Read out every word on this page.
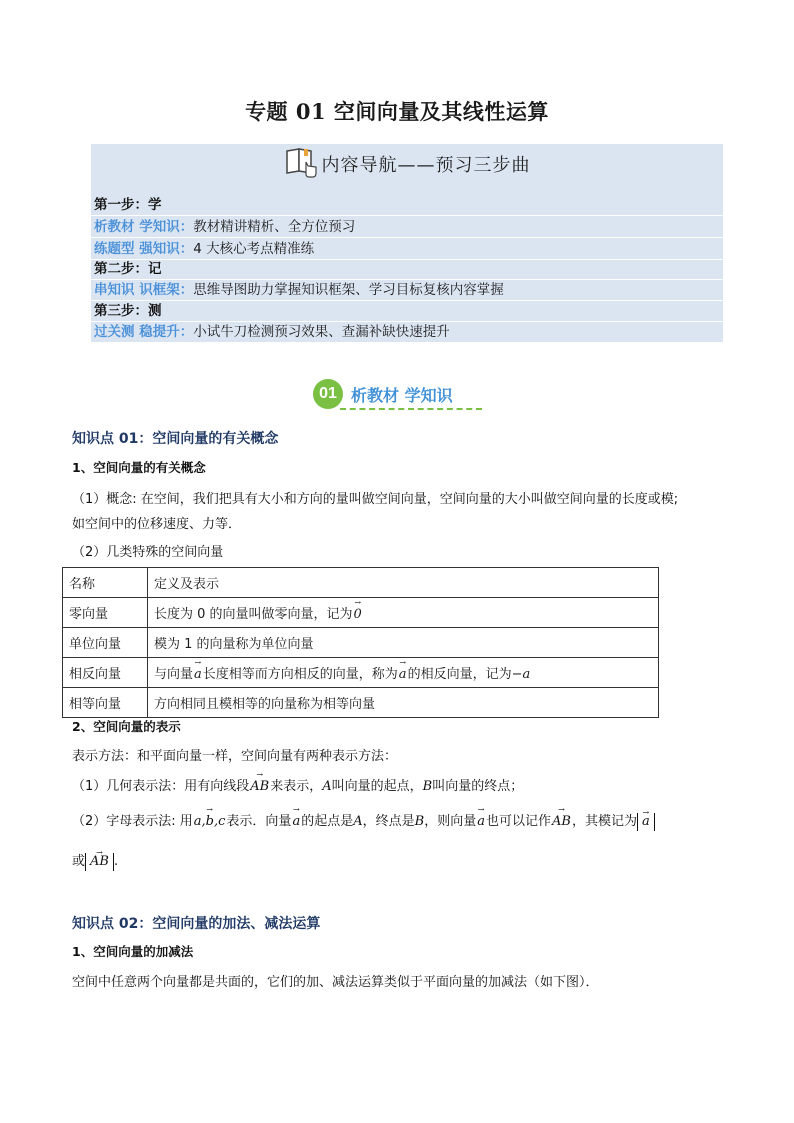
专题 01 空间向量及其线性运算
内容导航——预习三步曲
第一步：学
析教材 学知识：教材精讲精析、全方位预习
练题型 强知识：4 大核心考点精准练
第二步：记
串知识 识框架：思维导图助力掌握知识框架、学习目标复核内容掌握
第三步：测
过关测 稳提升：小试牛刀检测预习效果、查漏补缺快速提升
01 析教材 学知识
知识点 01：空间向量的有关概念
1、空间向量的有关概念
（1）概念: 在空间，我们把具有大小和方向的量叫做空间向量，空间向量的大小叫做空间向量的长度或模;
如空间中的位移速度、力等．
（2）几类特殊的空间向量
名称	定义及表示
零向量	长度为 0 的向量叫做零向量，记为→ 0
单位向量	模为 1 的向量称为单位向量
相反向量	与向量→ a长度相等而方向相反的向量，称为→ a的相反向量，记为−a
相等向量	方向相同且模相等的向量称为相等向量
2、空间向量的表示
表示方法：和平面向量一样，空间向量有两种表示方法：
（1）几何表示法：用有向线段→ AB来表示，A叫向量的起点，B叫向量的终点；
（2）字母表示法: 用→ a,b,c表示．向量→ a的起点是A，终点是B，则向量→ a也可以记作→ AB，其模记为 → a
或 → AB .
知识点 02：空间向量的加法、减法运算
1、空间向量的加减法
空间中任意两个向量都是共面的，它们的加、减法运算类似于平面向量的加减法（如下图）．
